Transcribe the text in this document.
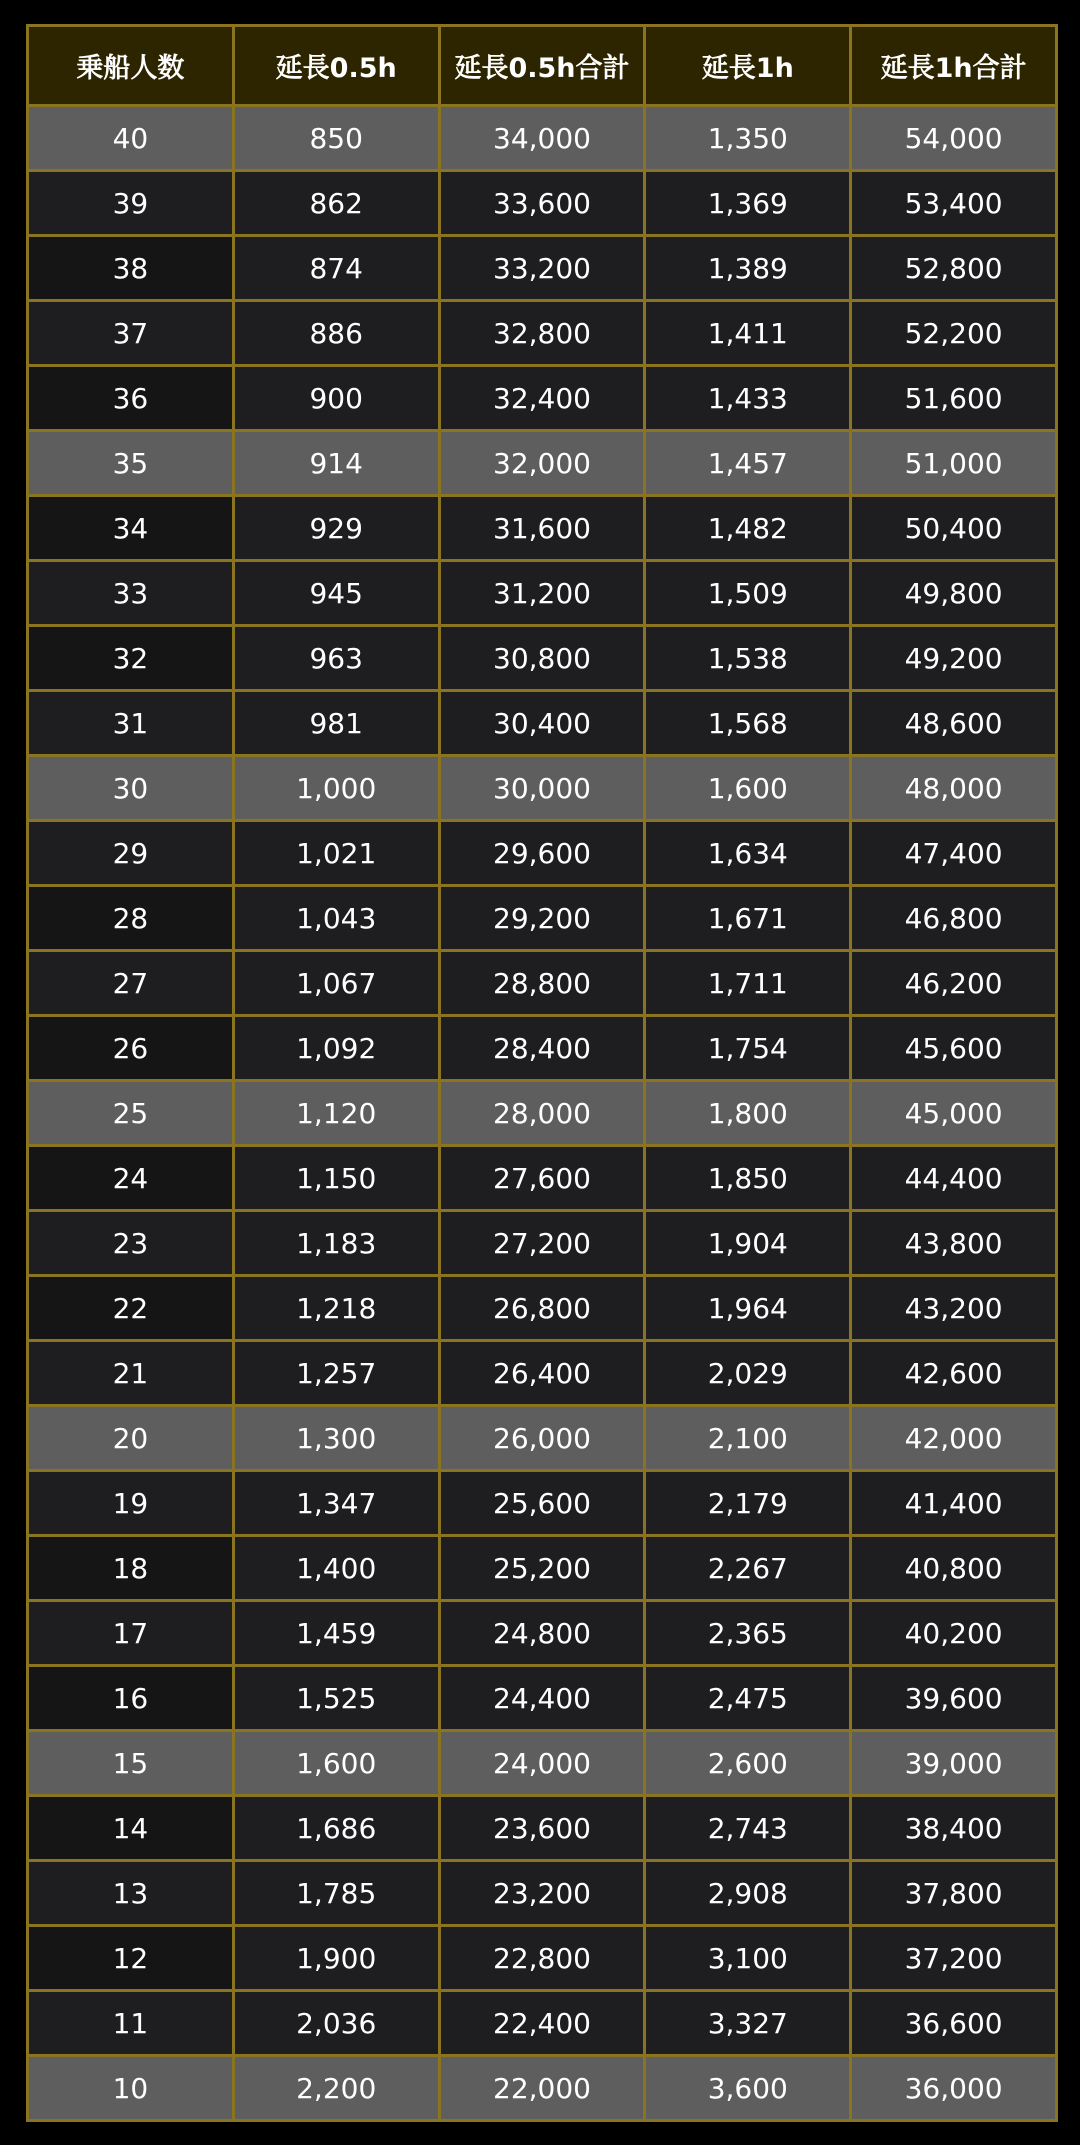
乗船人数	延長0.5h	延長0.5h合計	延長1h	延長1h合計
40	850	34,000	1,350	54,000
39	862	33,600	1,369	53,400
38	874	33,200	1,389	52,800
37	886	32,800	1,411	52,200
36	900	32,400	1,433	51,600
35	914	32,000	1,457	51,000
34	929	31,600	1,482	50,400
33	945	31,200	1,509	49,800
32	963	30,800	1,538	49,200
31	981	30,400	1,568	48,600
30	1,000	30,000	1,600	48,000
29	1,021	29,600	1,634	47,400
28	1,043	29,200	1,671	46,800
27	1,067	28,800	1,711	46,200
26	1,092	28,400	1,754	45,600
25	1,120	28,000	1,800	45,000
24	1,150	27,600	1,850	44,400
23	1,183	27,200	1,904	43,800
22	1,218	26,800	1,964	43,200
21	1,257	26,400	2,029	42,600
20	1,300	26,000	2,100	42,000
19	1,347	25,600	2,179	41,400
18	1,400	25,200	2,267	40,800
17	1,459	24,800	2,365	40,200
16	1,525	24,400	2,475	39,600
15	1,600	24,000	2,600	39,000
14	1,686	23,600	2,743	38,400
13	1,785	23,200	2,908	37,800
12	1,900	22,800	3,100	37,200
11	2,036	22,400	3,327	36,600
10	2,200	22,000	3,600	36,000
